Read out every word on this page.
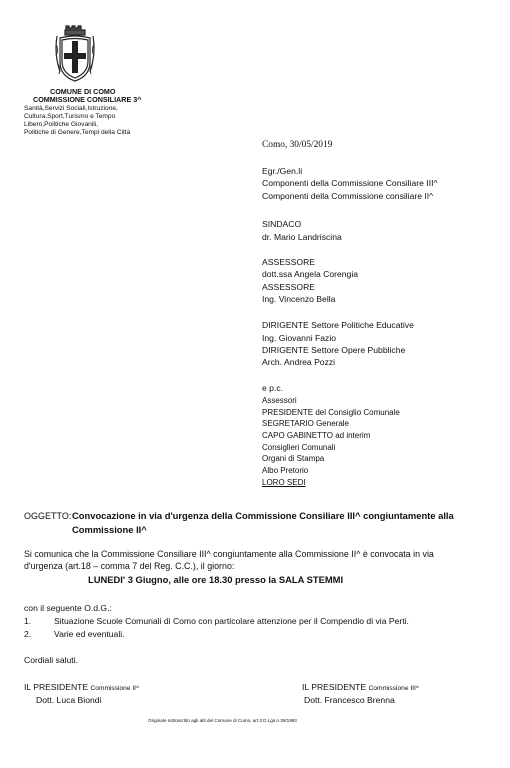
COMUNE DI COMO
COMMISSIONE CONSILIARE 3^
Sanità,Servizi Sociali,Istruzione,
Cultura,Sport,Turismo e Tempo
Libero,Politiche Giovanili,
Politiche di Genere,Tempi della Città
Como, 30/05/2019
Egr./Gen.li
Componenti della Commissione Consiliare III^
Componenti della Commissione consiliare II^
SINDACO
dr. Mario Landriscina
ASSESSORE
dott.ssa Angela Corengia
ASSESSORE
Ing. Vincenzo Bella
DIRIGENTE Settore Politiche Educative
Ing. Giovanni Fazio
DIRIGENTE Settore Opere Pubbliche
Arch. Andrea Pozzi
e p.c.
Assessori
PRESIDENTE del Consiglio Comunale
SEGRETARIO Generale
CAPO GABINETTO ad interim
Consiglieri Comunali
Organi di Stampa
Albo Pretorio
LORO SEDI
OGGETTO: Convocazione in via d'urgenza della Commissione Consiliare III^ congiuntamente alla
Commissione II^
Si comunica che la Commissione Consiliare III^ congiuntamente alla Commissione II^ è convocata in via
d'urgenza (art.18 – comma 7 del Reg. C.C.), il giorno:
LUNEDI' 3 Giugno, alle ore 18.30 presso la SALA STEMMI
con il seguente O.d.G.:
1.	Situazione Scuole Comunali di Como con particolare attenzione per il Compendio di via Perti.
2.	Varie ed eventuali.
Cordiali saluti.
IL PRESIDENTE Commissione II^
Dott. Luca Biondi
IL PRESIDENTE Commissione III^
Dott. Francesco Brenna
Originale sottoscritto agli atti del Comune di Como, art.3 D.Lgs.n.39/1993
